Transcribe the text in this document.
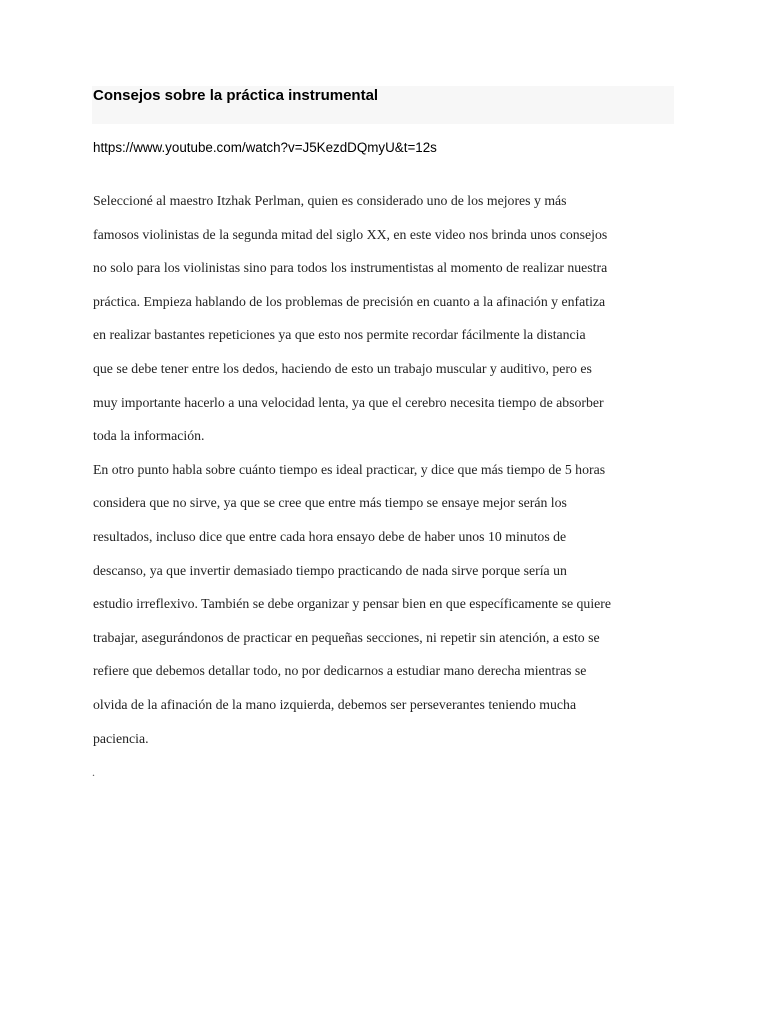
Consejos sobre la práctica instrumental
https://www.youtube.com/watch?v=J5KezdDQmyU&t=12s
Seleccioné al maestro Itzhak Perlman, quien es considerado uno de los mejores y más
famosos violinistas de la segunda mitad del siglo XX, en este video nos brinda unos consejos
no solo para los violinistas sino para todos los instrumentistas al momento de realizar nuestra
práctica. Empieza hablando de los problemas de precisión en cuanto a la afinación y enfatiza
en realizar bastantes repeticiones ya que esto nos permite recordar fácilmente la distancia
que se debe tener entre los dedos, haciendo de esto un trabajo muscular y auditivo, pero es
muy importante hacerlo a una velocidad lenta, ya que el cerebro necesita tiempo de absorber
toda la información.
En otro punto habla sobre cuánto tiempo es ideal practicar, y dice que más tiempo de 5 horas
considera que no sirve, ya que se cree que entre más tiempo se ensaye mejor serán los
resultados, incluso dice que entre cada hora ensayo debe de haber unos 10 minutos de
descanso, ya que invertir demasiado tiempo practicando de nada sirve porque sería un
estudio irreflexivo. También se debe organizar y pensar bien en que específicamente se quiere
trabajar, asegurándonos de practicar en pequeñas secciones, ni repetir sin atención, a esto se
refiere que debemos detallar todo, no por dedicarnos a estudiar mano derecha mientras se
olvida de la afinación de la mano izquierda, debemos ser perseverantes teniendo mucha
paciencia.
.
